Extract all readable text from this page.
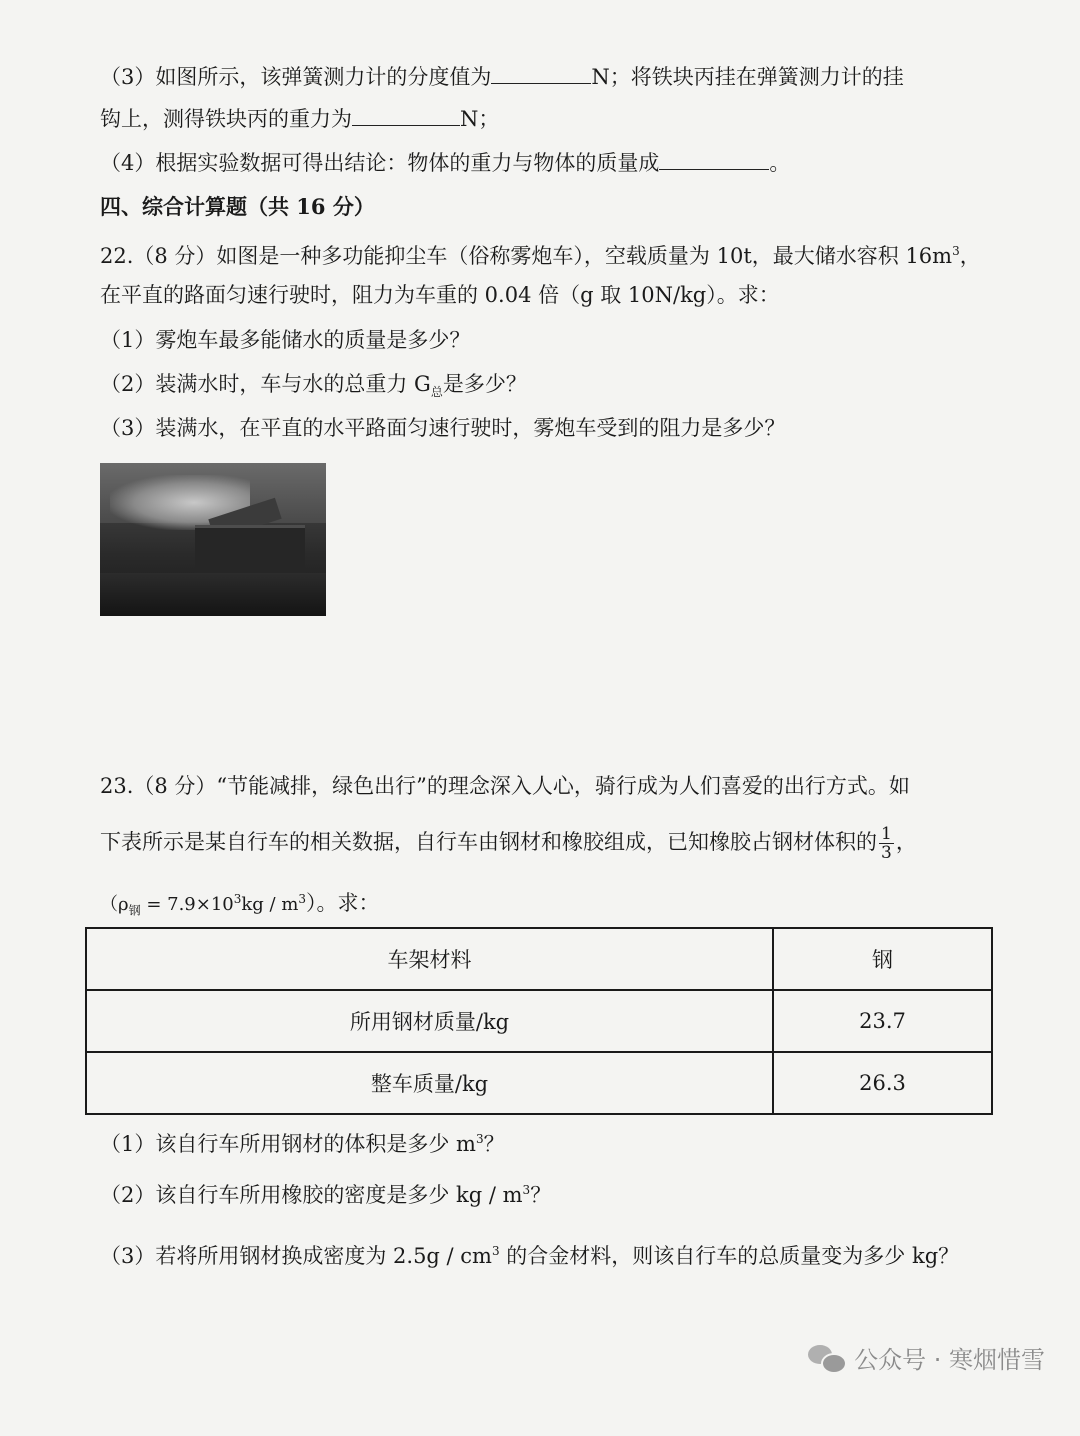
（3）如图所示，该弹簧测力计的分度值为	N；将铁块丙挂在弹簧测力计的挂
钩上，测得铁块丙的重力为	N；
（4）根据实验数据可得出结论：物体的重力与物体的质量成	。
四、综合计算题（共 16 分）
22.（8 分）如图是一种多功能抑尘车（俗称雾炮车），空载质量为 10t，最大储水容积 $16m^3$，
在平直的路面匀速行驶时，阻力为车重的 0.04 倍（g 取 10N/kg）。求：
（1）雾炮车最多能储水的质量是多少？
（2）装满水时，车与水的总重力 $G_总$是多少？
（3）装满水，在平直的水平路面匀速行驶时，雾炮车受到的阻力是多少？
23.（8 分）“节能减排，绿色出行”的理念深入人心，骑行成为人们喜爱的出行方式。如
下表所示是某自行车的相关数据，自行车由钢材和橡胶组成，已知橡胶占钢材体积的 $\frac{1}{3}$ ，
$(\rho_钢 = 7.9\times 10^3kg / m^3)$。求：
车架材料	钢
所用钢材质量/kg	23.7
整车质量/kg	26.3
（1）该自行车所用钢材的体积是多少 $m^3$？
（2）该自行车所用橡胶的密度是多少 kg / $m^3$？
（3）若将所用钢材换成密度为 $2.5g / cm^3$ 的合金材料，则该自行车的总质量变为多少 kg？
公众号 · 寒烟惜雪
